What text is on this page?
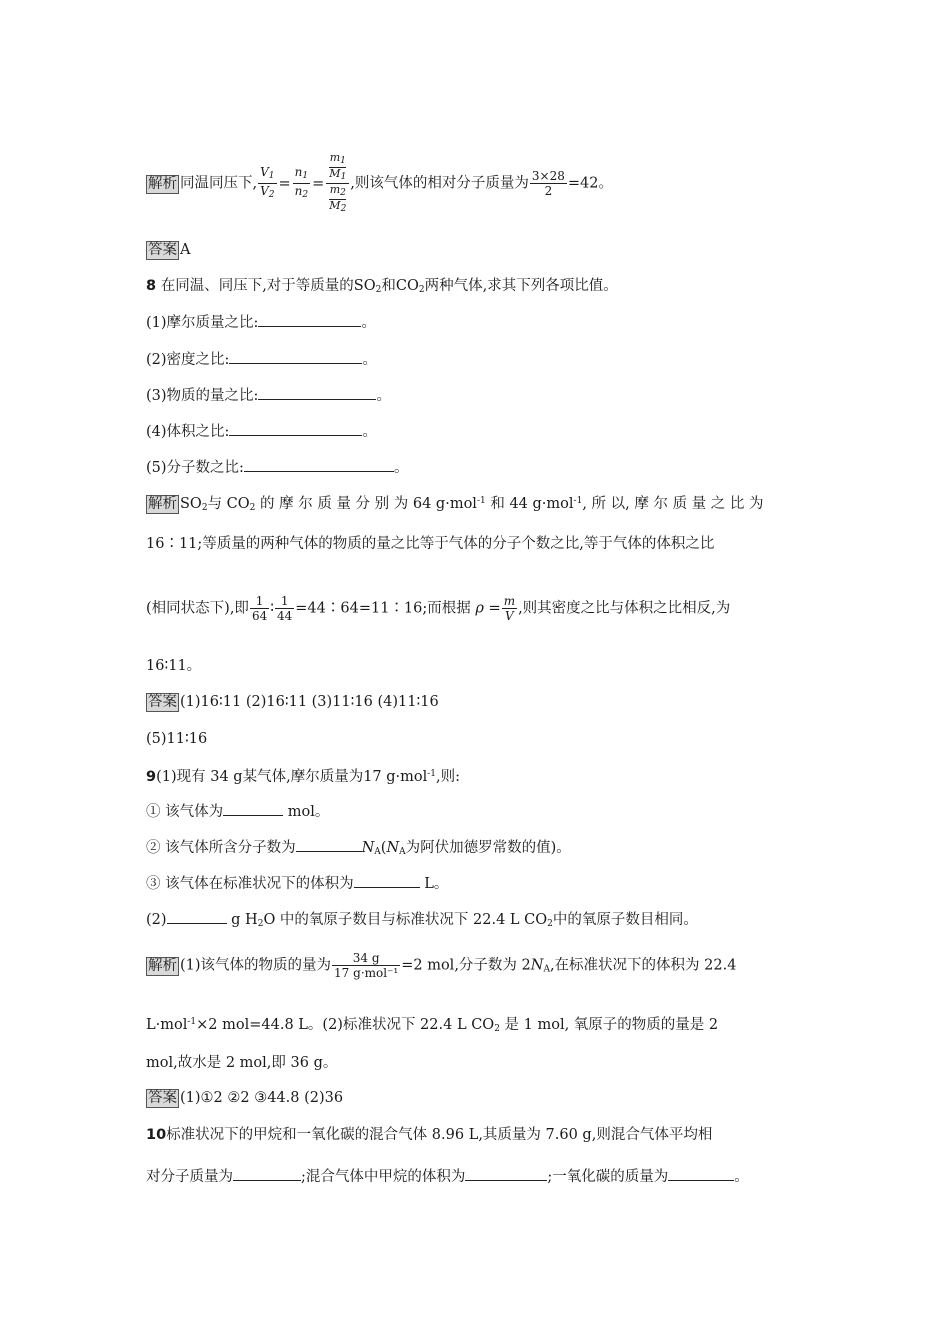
解析 同温同压下, $\frac{V_1}{V_2} = \frac{n_1}{n_2} = \frac{\frac{m_1}{M_1}}{\frac{m_2}{M_2}}$ ,则该气体的相对分子质量为 $\frac{3\times 28}{2} =42$。
答案 A
8 在同温、同压下,对于等质量的$SO_2$和$CO_2$两种气体,求其下列各项比值。
(1)摩尔质量之比:	。
(2)密度之比:	。
(3)物质的量之比:	。
(4)体积之比:	。
(5)分子数之比:	。
解析 $SO_2$与 $CO_2$ 的 摩 尔 质 量 分 别 为 64 g·mol$^{-1}$ 和 44 g·mol$^{-1}$, 所 以, 摩 尔 质 量 之 比 为
16∶11;等质量的两种气体的物质的量之比等于气体的分子个数之比,等于气体的体积之比
(相同状态下),即 $\frac{1}{64}$ ∶ $\frac{1}{44}$ =44∶64=11∶16;而根据 $\rho = \frac{m}{V}$ ,则其密度之比与体积之比相反,为
16∶11。
答案 (1)16∶11 (2)16∶11 (3)11∶16 (4)11∶16
(5)11∶16
9(1)现有 34 g某气体,摩尔质量为17 g·mol$^{-1}$,则:
① 该气体为	mol。
② 该气体所含分子数为	$N_A(N_A$为阿伏加德罗常数的值)。
③ 该气体在标准状况下的体积为	L。
(2)	g $H_2O$ 中的氧原子数目与标准状况下 22.4 L $CO_2$中的氧原子数目相同。
解析 (1)该气体的物质的量为 $\frac{34 g}{\text{17 g·mol⁻¹}} =2$ mol,分子数为 $2N_A$,在标准状况下的体积为 22.4
L·mol$^{-1}$×2 mol=44.8 L。(2)标准状况下 22.4 L $CO_2$ 是 1 mol, 氧原子的物质的量是 2
mol,故水是 2 mol,即 36 g。
答案 (1)①2 ②2 ③44.8 (2)36
10标准状况下的甲烷和一氧化碳的混合气体 8.96 L,其质量为 7.60 g,则混合气体平均相
对分子质量为	;混合气体中甲烷的体积为	;一氧化碳的质量为	。
